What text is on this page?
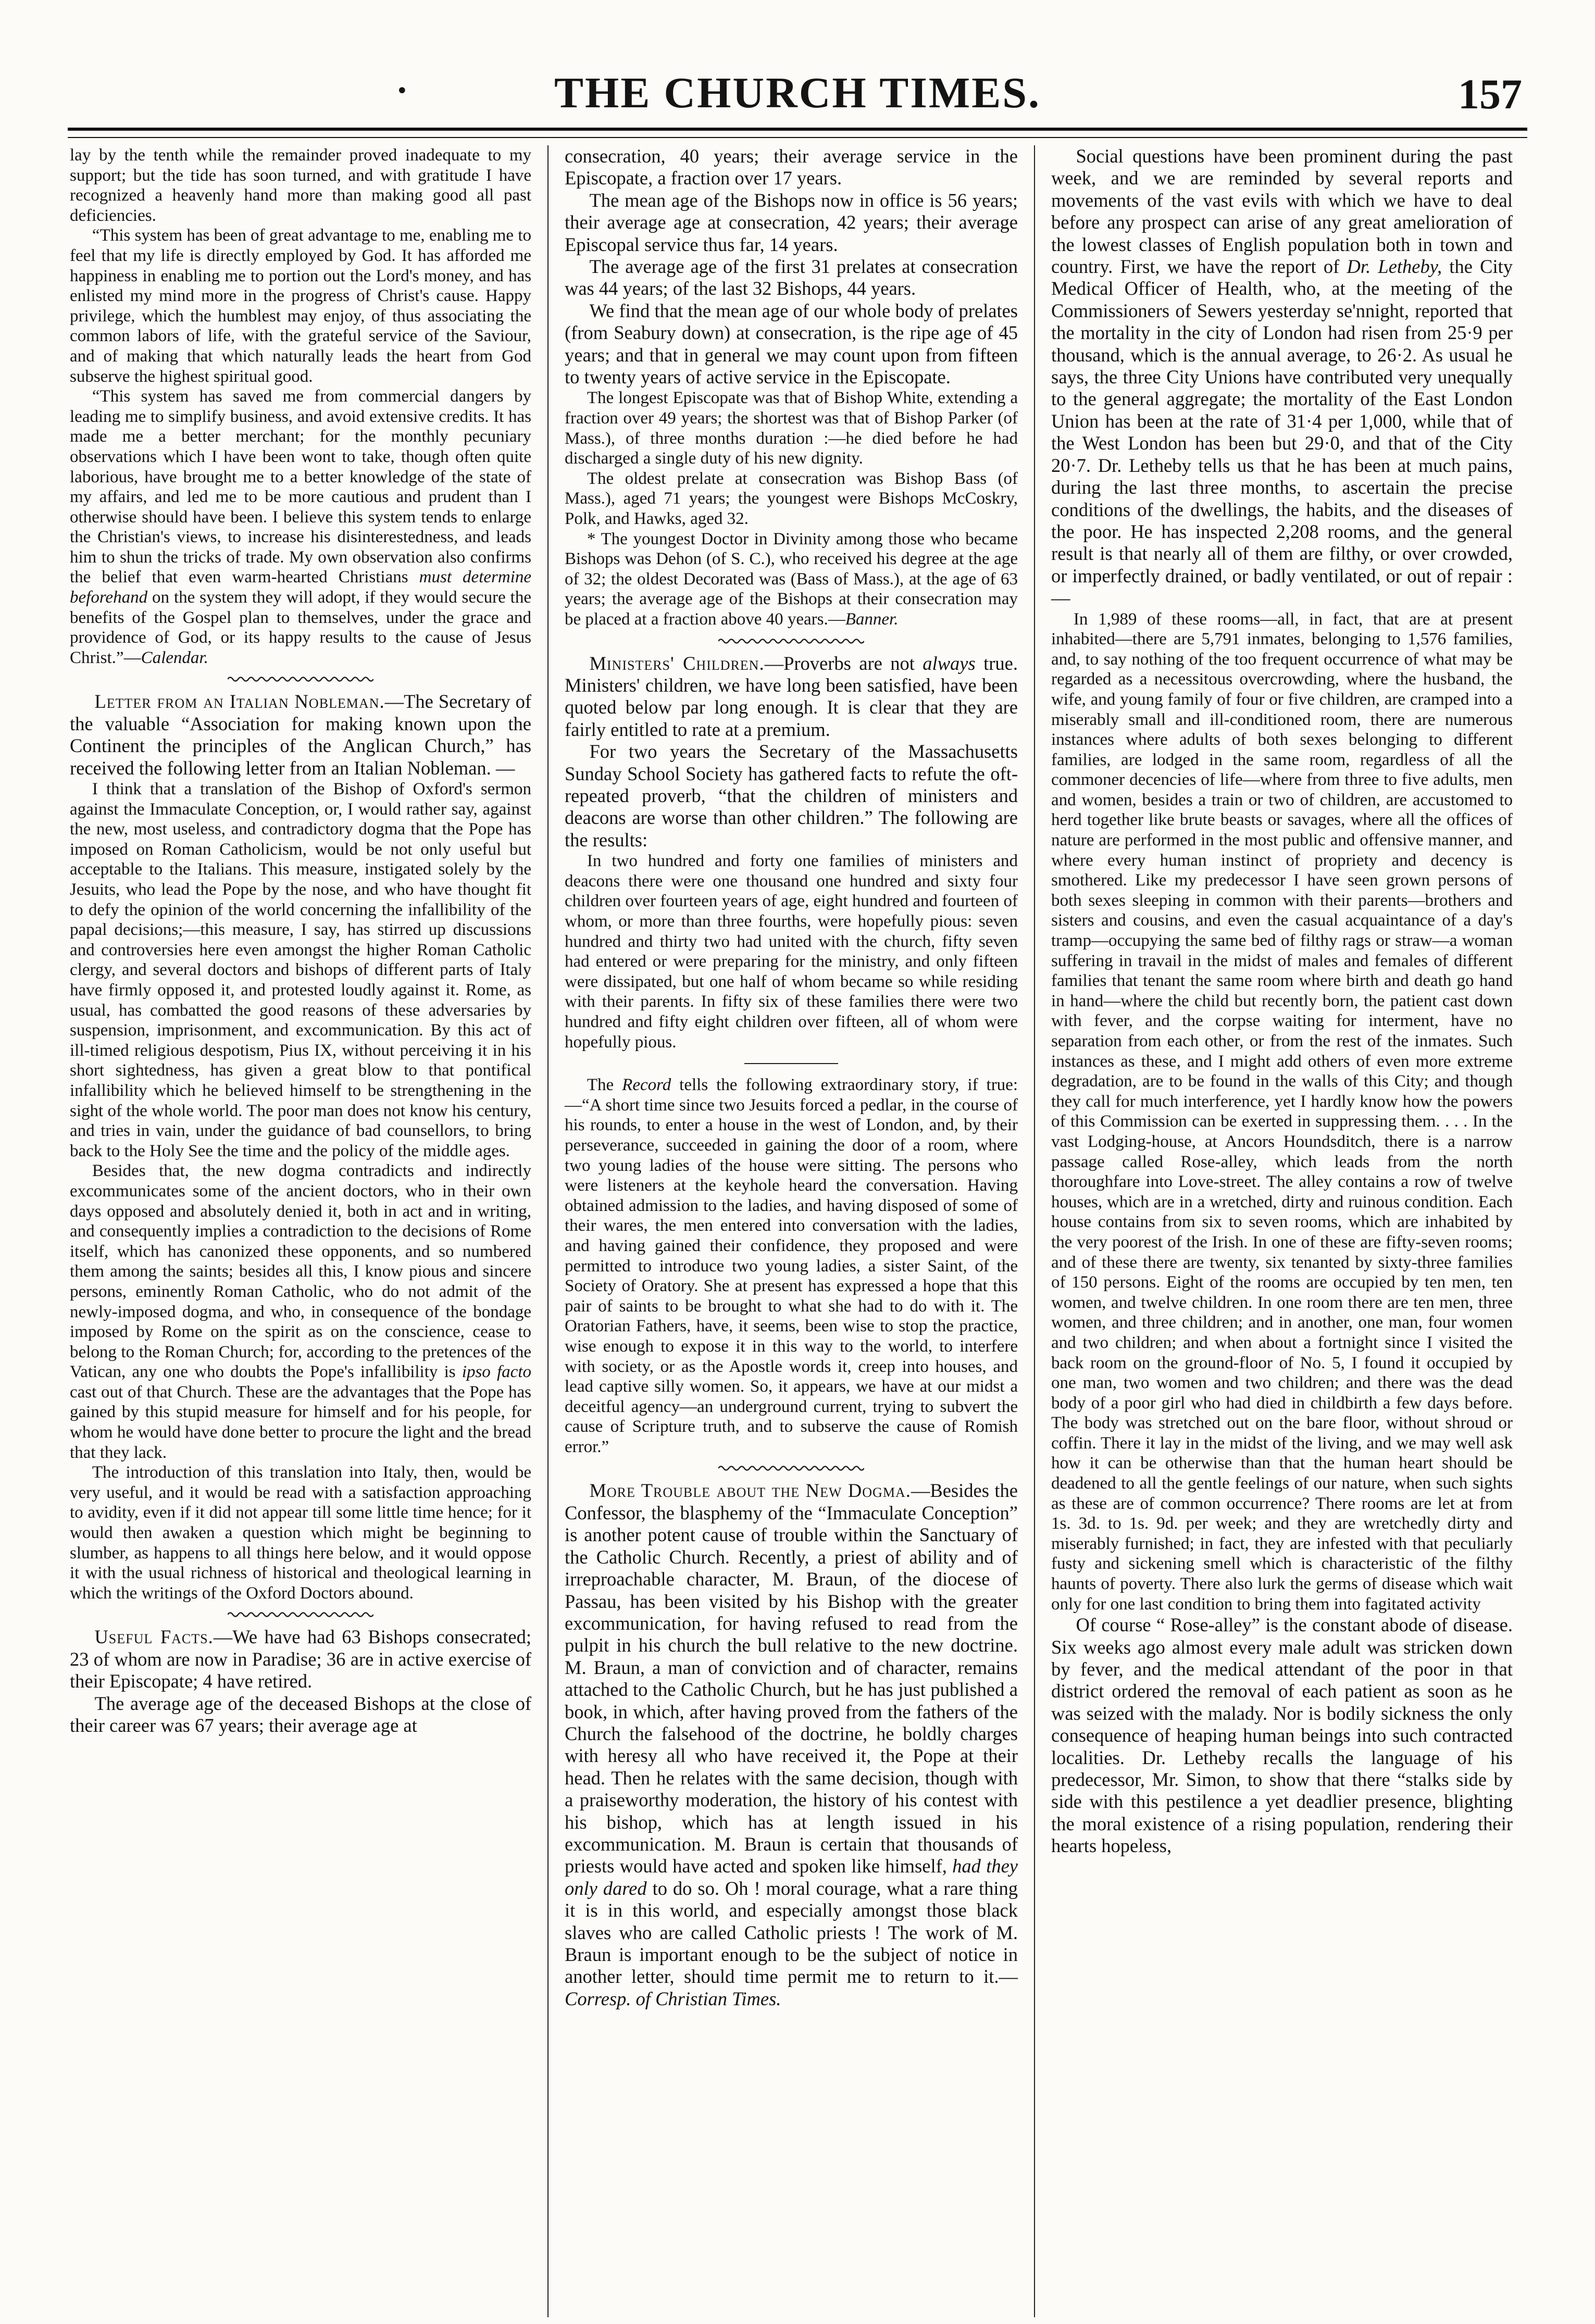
•	THE CHURCH TIMES.	157

lay by the tenth while the remainder proved inadequate to my support; but the tide has soon turned, and with gratitude I have recognized a heavenly hand more than making good all past deficiencies.

“This system has been of great advantage to me, enabling me to feel that my life is directly employed by God. It has afforded me happiness in enabling me to portion out the Lord's money, and has enlisted my mind more in the progress of Christ's cause. Happy privilege, which the humblest may enjoy, of thus associating the common labors of life, with the grateful service of the Saviour, and of making that which naturally leads the heart from God subserve the highest spiritual good.

“This system has saved me from commercial dangers by leading me to simplify business, and avoid extensive credits. It has made me a better merchant; for the monthly pecuniary observations which I have been wont to take, though often quite laborious, have brought me to a better knowledge of the state of my affairs, and led me to be more cautious and prudent than I otherwise should have been. I believe this system tends to enlarge the Christian's views, to increase his disinterestedness, and leads him to shun the tricks of trade. My own observation also confirms the belief that even warm-hearted Christians must determine beforehand on the system they will adopt, if they would secure the benefits of the Gospel plan to themselves, under the grace and providence of God, or its happy results to the cause of Jesus Christ.”—Calendar.

Letter from an Italian Nobleman.—The Secretary of the valuable “Association for making known upon the Continent the principles of the Anglican Church,” has received the following letter from an Italian Nobleman. —

I think that a translation of the Bishop of Oxford's sermon against the Immaculate Conception, or, I would rather say, against the new, most useless, and contradictory dogma that the Pope has imposed on Roman Catholicism, would be not only useful but acceptable to the Italians. This measure, instigated solely by the Jesuits, who lead the Pope by the nose, and who have thought fit to defy the opinion of the world concerning the infallibility of the papal decisions;—this measure, I say, has stirred up discussions and controversies here even amongst the higher Roman Catholic clergy, and several doctors and bishops of different parts of Italy have firmly opposed it, and protested loudly against it. Rome, as usual, has combatted the good reasons of these adversaries by suspension, imprisonment, and excommunication. By this act of ill-timed religious despotism, Pius IX, without perceiving it in his short sightedness, has given a great blow to that pontifical infallibility which he believed himself to be strengthening in the sight of the whole world. The poor man does not know his century, and tries in vain, under the guidance of bad counsellors, to bring back to the Holy See the time and the policy of the middle ages.

Besides that, the new dogma contradicts and indirectly excommunicates some of the ancient doctors, who in their own days opposed and absolutely denied it, both in act and in writing, and consequently implies a contradiction to the decisions of Rome itself, which has canonized these opponents, and so numbered them among the saints; besides all this, I know pious and sincere persons, eminently Roman Catholic, who do not admit of the newly-imposed dogma, and who, in consequence of the bondage imposed by Rome on the spirit as on the conscience, cease to belong to the Roman Church; for, according to the pretences of the Vatican, any one who doubts the Pope's infallibility is ipso facto cast out of that Church. These are the advantages that the Pope has gained by this stupid measure for himself and for his people, for whom he would have done better to procure the light and the bread that they lack.

The introduction of this translation into Italy, then, would be very useful, and it would be read with a satisfaction approaching to avidity, even if it did not appear till some little time hence; for it would then awaken a question which might be beginning to slumber, as happens to all things here below, and it would oppose it with the usual richness of historical and theological learning in which the writings of the Oxford Doctors abound.

Useful Facts.—We have had 63 Bishops consecrated; 23 of whom are now in Paradise; 36 are in active exercise of their Episcopate; 4 have retired.

The average age of the deceased Bishops at the close of their career was 67 years; their average age at

consecration, 40 years; their average service in the Episcopate, a fraction over 17 years.

The mean age of the Bishops now in office is 56 years; their average age at consecration, 42 years; their average Episcopal service thus far, 14 years.

The average age of the first 31 prelates at consecration was 44 years; of the last 32 Bishops, 44 years.

We find that the mean age of our whole body of prelates (from Seabury down) at consecration, is the ripe age of 45 years; and that in general we may count upon from fifteen to twenty years of active service in the Episcopate.

The longest Episcopate was that of Bishop White, extending a fraction over 49 years; the shortest was that of Bishop Parker (of Mass.), of three months duration :—he died before he had discharged a single duty of his new dignity.

The oldest prelate at consecration was Bishop Bass (of Mass.), aged 71 years; the youngest were Bishops McCoskry, Polk, and Hawks, aged 32.

* The youngest Doctor in Divinity among those who became Bishops was Dehon (of S. C.), who received his degree at the age of 32; the oldest Decorated was (Bass of Mass.), at the age of 63 years; the average age of the Bishops at their consecration may be placed at a fraction above 40 years.—Banner.

Ministers' Children.—Proverbs are not always true. Ministers' children, we have long been satisfied, have been quoted below par long enough. It is clear that they are fairly entitled to rate at a premium.

For two years the Secretary of the Massachusetts Sunday School Society has gathered facts to refute the oft-repeated proverb, “that the children of ministers and deacons are worse than other children.” The following are the results:

In two hundred and forty one families of ministers and deacons there were one thousand one hundred and sixty four children over fourteen years of age, eight hundred and fourteen of whom, or more than three fourths, were hopefully pious: seven hundred and thirty two had united with the church, fifty seven had entered or were preparing for the ministry, and only fifteen were dissipated, but one half of whom became so while residing with their parents. In fifty six of these families there were two hundred and fifty eight children over fifteen, all of whom were hopefully pious.

The Record tells the following extraordinary story, if true:—“A short time since two Jesuits forced a pedlar, in the course of his rounds, to enter a house in the west of London, and, by their perseverance, succeeded in gaining the door of a room, where two young ladies of the house were sitting. The persons who were listeners at the keyhole heard the conversation. Having obtained admission to the ladies, and having disposed of some of their wares, the men entered into conversation with the ladies, and having gained their confidence, they proposed and were permitted to introduce two young ladies, a sister Saint, of the Society of Oratory. She at present has expressed a hope that this pair of saints to be brought to what she had to do with it. The Oratorian Fathers, have, it seems, been wise to stop the practice, wise enough to expose it in this way to the world, to interfere with society, or as the Apostle words it, creep into houses, and lead captive silly women. So, it appears, we have at our midst a deceitful agency—an underground current, trying to subvert the cause of Scripture truth, and to subserve the cause of Romish error.”

More Trouble about the New Dogma.—Besides the Confessor, the blasphemy of the “Immaculate Conception” is another potent cause of trouble within the Sanctuary of the Catholic Church. Recently, a priest of ability and of irreproachable character, M. Braun, of the diocese of Passau, has been visited by his Bishop with the greater excommunication, for having refused to read from the pulpit in his church the bull relative to the new doctrine. M. Braun, a man of conviction and of character, remains attached to the Catholic Church, but he has just published a book, in which, after having proved from the fathers of the Church the falsehood of the doctrine, he boldly charges with heresy all who have received it, the Pope at their head. Then he relates with the same decision, though with a praiseworthy moderation, the history of his contest with his bishop, which has at length issued in his excommunication. M. Braun is certain that thousands of priests would have acted and spoken like himself, had they only dared to do so. Oh ! moral courage, what a rare thing it is in this world, and especially amongst those black slaves who are called Catholic priests ! The work of M. Braun is important enough to be the subject of notice in another letter, should time permit me to return to it.—Corresp. of Christian Times.

Social questions have been prominent during the past week, and we are reminded by several reports and movements of the vast evils with which we have to deal before any prospect can arise of any great amelioration of the lowest classes of English population both in town and country. First, we have the report of Dr. Letheby, the City Medical Officer of Health, who, at the meeting of the Commissioners of Sewers yesterday se'nnight, reported that the mortality in the city of London had risen from 25·9 per thousand, which is the annual average, to 26·2. As usual he says, the three City Unions have contributed very unequally to the general aggregate; the mortality of the East London Union has been at the rate of 31·4 per 1,000, while that of the West London has been but 29·0, and that of the City 20·7. Dr. Letheby tells us that he has been at much pains, during the last three months, to ascertain the precise conditions of the dwellings, the habits, and the diseases of the poor. He has inspected 2,208 rooms, and the general result is that nearly all of them are filthy, or over crowded, or imperfectly drained, or badly ventilated, or out of repair :—

In 1,989 of these rooms—all, in fact, that are at present inhabited—there are 5,791 inmates, belonging to 1,576 families, and, to say nothing of the too frequent occurrence of what may be regarded as a necessitous overcrowding, where the husband, the wife, and young family of four or five children, are cramped into a miserably small and ill-conditioned room, there are numerous instances where adults of both sexes belonging to different families, are lodged in the same room, regardless of all the commoner decencies of life—where from three to five adults, men and women, besides a train or two of children, are accustomed to herd together like brute beasts or savages, where all the offices of nature are performed in the most public and offensive manner, and where every human instinct of propriety and decency is smothered. Like my predecessor I have seen grown persons of both sexes sleeping in common with their parents—brothers and sisters and cousins, and even the casual acquaintance of a day's tramp—occupying the same bed of filthy rags or straw—a woman suffering in travail in the midst of males and females of different families that tenant the same room where birth and death go hand in hand—where the child but recently born, the patient cast down with fever, and the corpse waiting for interment, have no separation from each other, or from the rest of the inmates. Such instances as these, and I might add others of even more extreme degradation, are to be found in the walls of this City; and though they call for much interference, yet I hardly know how the powers of this Commission can be exerted in suppressing them. . . . In the vast Lodging-house, at Ancors Houndsditch, there is a narrow passage called Rose-alley, which leads from the north thoroughfare into Love-street. The alley contains a row of twelve houses, which are in a wretched, dirty and ruinous condition. Each house contains from six to seven rooms, which are inhabited by the very poorest of the Irish. In one of these are fifty-seven rooms; and of these there are twenty, six tenanted by sixty-three families of 150 persons. Eight of the rooms are occupied by ten men, ten women, and twelve children. In one room there are ten men, three women, and three children; and in another, one man, four women and two children; and when about a fortnight since I visited the back room on the ground-floor of No. 5, I found it occupied by one man, two women and two children; and there was the dead body of a poor girl who had died in childbirth a few days before. The body was stretched out on the bare floor, without shroud or coffin. There it lay in the midst of the living, and we may well ask how it can be otherwise than that the human heart should be deadened to all the gentle feelings of our nature, when such sights as these are of common occurrence? There rooms are let at from 1s. 3d. to 1s. 9d. per week; and they are wretchedly dirty and miserably furnished; in fact, they are infested with that peculiarly fusty and sickening smell which is characteristic of the filthy haunts of poverty. There also lurk the germs of disease which wait only for one last condition to bring them into fagitated activity

Of course “ Rose-alley” is the constant abode of disease. Six weeks ago almost every male adult was stricken down by fever, and the medical attendant of the poor in that district ordered the removal of each patient as soon as he was seized with the malady. Nor is bodily sickness the only consequence of heaping human beings into such contracted localities. Dr. Letheby recalls the language of his predecessor, Mr. Simon, to show that there “stalks side by side with this pestilence a yet deadlier presence, blighting the moral existence of a rising population, rendering their hearts hopeless,
